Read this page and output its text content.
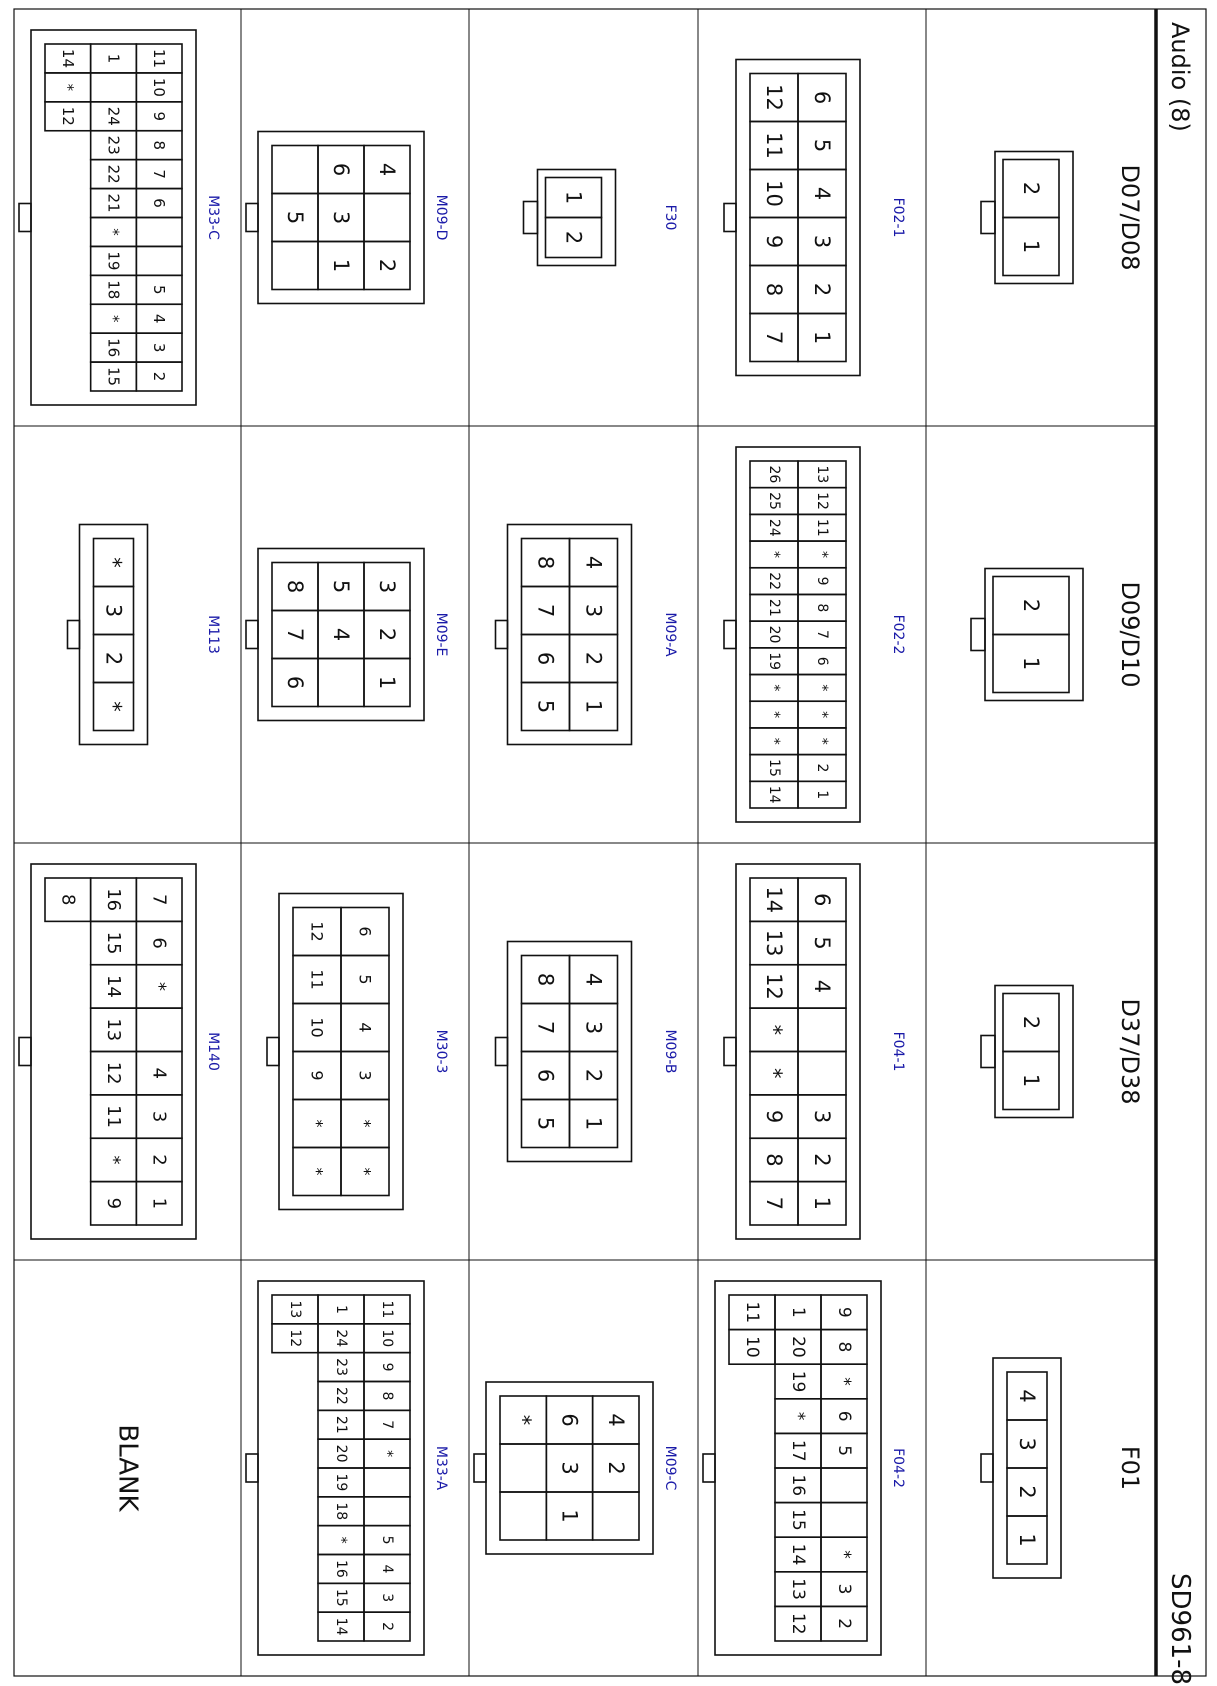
Audio (8)
SD961-8
D07/D08
2
1
F02-1
6
5
4
3
2
1
12
11
10
9
8
7
F30
1
2
M09-D
4
2
6
3
1
5
M33-C
11
10
9
8
7
6
5
4
3
2
1
24
23
22
21
*
19
18
*
16
15
14
*
12
D09/D10
2
1
F02-2
13
12
11
*
9
8
7
6
*
*
*
2
1
26
25
24
*
22
21
20
19
*
*
*
15
14
M09-A
4
3
2
1
8
7
6
5
M09-E
3
2
1
5
4
8
7
6
M113
*
3
2
*
D37/D38
2
1
F04-1
6
5
4
3
2
1
14
13
12
*
*
9
8
7
M09-B
4
3
2
1
8
7
6
5
M30-3
6
5
4
3
*
*
12
11
10
9
*
*
M140
7
6
*
4
3
2
1
16
15
14
13
12
11
*
9
8
F01
4
3
2
1
F04-2
9
8
*
6
5
*
3
2
1
20
19
*
17
16
15
14
13
12
11
10
M09-C
4
2
6
3
1
*
M33-A
11
10
9
8
7
*
5
4
3
2
1
24
23
22
21
20
19
18
*
16
15
14
13
12
BLANK
